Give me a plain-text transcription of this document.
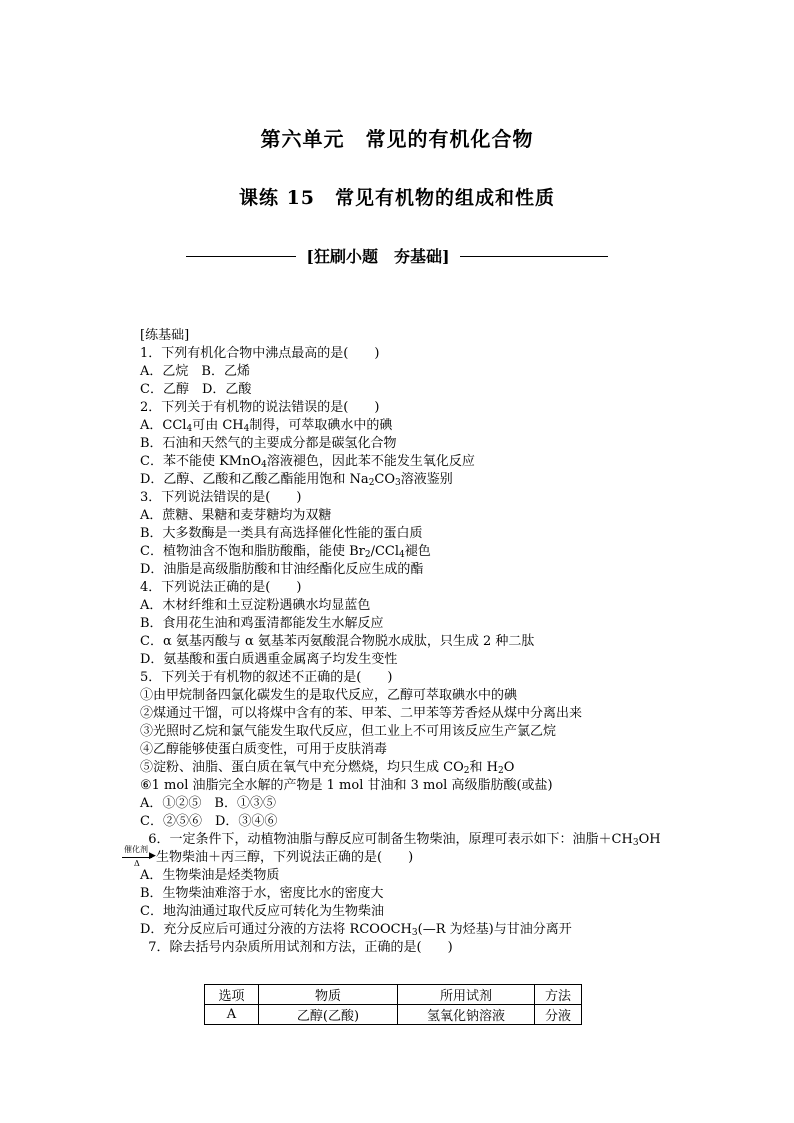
第六单元　常见的有机化合物
课练 15　常见有机物的组成和性质
[狂刷小题　夯基础]
[练基础]
1．下列有机化合物中沸点最高的是(　　)
A．乙烷　B．乙烯
C．乙醇　D．乙酸
2．下列关于有机物的说法错误的是(　　)
A．CCl$_4$可由 $CH_4$制得，可萃取碘水中的碘
B．石油和天然气的主要成分都是碳氢化合物
C．苯不能使 KMnO$_4$溶液褪色，因此苯不能发生氧化反应
D．乙醇、乙酸和乙酸乙酯能用饱和 $Na_2CO_3$溶液鉴别
3．下列说法错误的是(　　)
A．蔗糖、果糖和麦芽糖均为双糖
B．大多数酶是一类具有高选择催化性能的蛋白质
C．植物油含不饱和脂肪酸酯，能使 $Br_2/CCl_4$褪色
D．油脂是高级脂肪酸和甘油经酯化反应生成的酯
4．下列说法正确的是(　　)
A．木材纤维和土豆淀粉遇碘水均显蓝色
B．食用花生油和鸡蛋清都能发生水解反应
C．α 氨基丙酸与 α 氨基苯丙氨酸混合物脱水成肽，只生成 2 种二肽
D．氨基酸和蛋白质遇重金属离子均发生变性
5．下列关于有机物的叙述不正确的是(　　)
①由甲烷制备四氯化碳发生的是取代反应，乙醇可萃取碘水中的碘
②煤通过干馏，可以将煤中含有的苯、甲苯、二甲苯等芳香烃从煤中分离出来
③光照时乙烷和氯气能发生取代反应，但工业上不可用该反应生产氯乙烷
④乙醇能够使蛋白质变性，可用于皮肤消毒
⑤淀粉、油脂、蛋白质在氧气中充分燃烧，均只生成 $CO_2$和 $H_2O$
⑥1 mol 油脂完全水解的产物是 1 mol 甘油和 3 mol 高级脂肪酸(或盐)
A．①②⑤　B．①③⑤
C．②⑤⑥　D．③④⑥
6．一定条件下，动植物油脂与醇反应可制备生物柴油，原理可表示如下：油脂$+CH_3OH$
催化剂
▶
Δ 生物柴油＋丙三醇，下列说法正确的是(　　)
A．生物柴油是烃类物质
B．生物柴油难溶于水，密度比水的密度大
C．地沟油通过取代反应可转化为生物柴油
D．充分反应后可通过分液的方法将 $RCOOCH_3(—R$ 为烃基)与甘油分离开
7．除去括号内杂质所用试剂和方法，正确的是(　　)
选项	物质	所用试剂	方法
A	乙醇(乙酸)	氢氧化钠溶液	分液
